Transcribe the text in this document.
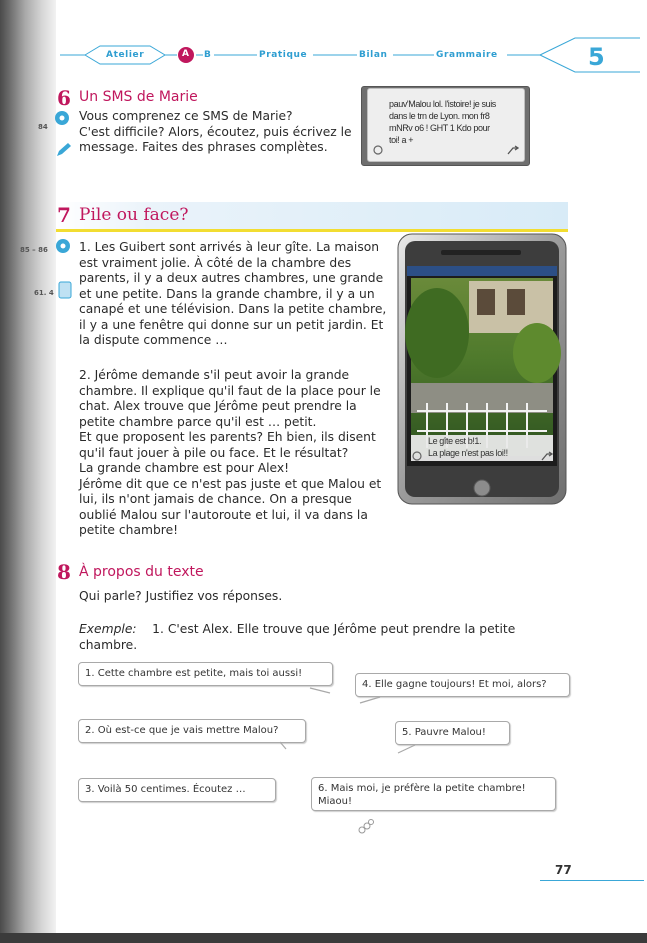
Atelier	A B	Pratique	Bilan	Grammaire	5
6 Un SMS de Marie
84
Vous comprenez ce SMS de Marie?
C'est difficile? Alors, écoutez, puis écrivez le
message. Faites des phrases complètes.
pauv'Malou lol. l'istoire! je suis
dans le trn de Lyon. mon fr8
mNRv o6 ! GHT 1 Kdo pour
toi! a +
7 Pile ou face?
85 – 86
61. 4
1. Les Guibert sont arrivés à leur gîte. La maison
est vraiment jolie. À côté de la chambre des
parents, il y a deux autres chambres, une grande
et une petite. Dans la grande chambre, il y a un
canapé et une télévision. Dans la petite chambre,
il y a une fenêtre qui donne sur un petit jardin. Et
la dispute commence …
2. Jérôme demande s'il peut avoir la grande
chambre. Il explique qu'il faut de la place pour le
chat. Alex trouve que Jérôme peut prendre la
petite chambre parce qu'il est … petit.
Et que proposent les parents? Eh bien, ils disent
qu'il faut jouer à pile ou face. Et le résultat?
La grande chambre est pour Alex!
Jérôme dit que ce n'est pas juste et que Malou et
lui, ils n'ont jamais de chance. On a presque
oublié Malou sur l'autoroute et lui, il va dans la
petite chambre!
Le gîte est b!1.
La plage n'est pas loi!!
8 À propos du texte
Qui parle? Justifiez vos réponses.
Exemple: 1. C'est Alex. Elle trouve que Jérôme peut prendre la petite
chambre.
1. Cette chambre est petite, mais toi aussi!
2. Où est-ce que je vais mettre Malou?
3. Voilà 50 centimes. Écoutez …
4. Elle gagne toujours! Et moi, alors?
5. Pauvre Malou!
6. Mais moi, je préfère la petite chambre!
Miaou!
77
